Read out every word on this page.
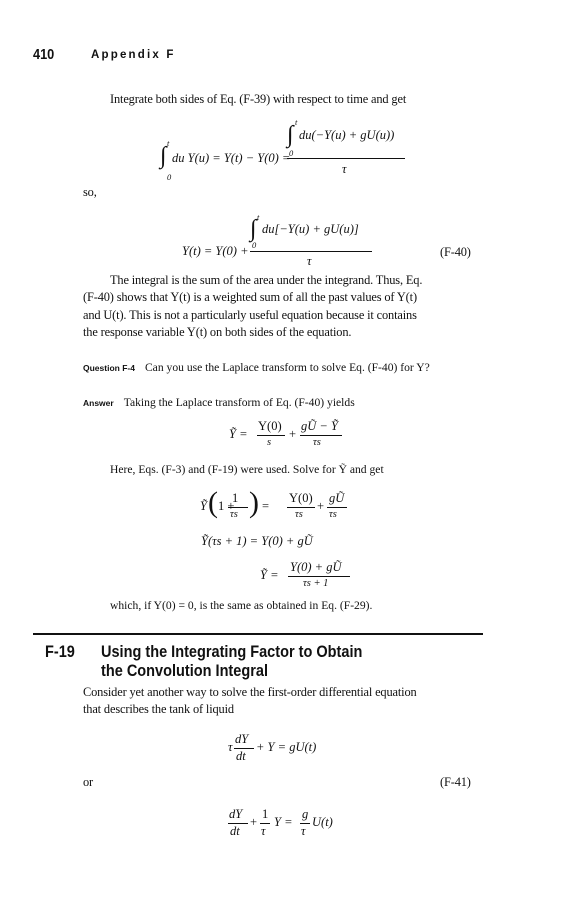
410	Appendix F
Integrate both sides of Eq. (F-39) with respect to time and get
t
∫
0
du Y(u) = Y(t) − Y(0) =
t
∫ du(−Y(u) + gU(u))
0
τ
so,
Y(t) = Y(0) +
t
∫ du[−Y(u) + gU(u)]
0
τ
(F-40)
The integral is the sum of the area under the integrand. Thus, Eq.
(F-40) shows that Y(t) is a weighted sum of all the past values of Y(t)
and U(t). This is not a particularly useful equation because it contains
the response variable Y(t) on both sides of the equation.
Question F-4 Can you use the Laplace transform to solve Eq. (F-40) for Y?
Answer Taking the Laplace transform of Eq. (F-40) yields
Ỹ =
Y(0)
s
+
gŨ − Ỹ
τs
Here, Eqs. (F-3) and (F-19) were used. Solve for Ỹ and get
Ỹ ( 1 +
1
τs ) =
Y(0)
τs
+
gŨ
τs
Ỹ(τs + 1) = Y(0) + gŨ
Ỹ =
Y(0) + gŨ
τs + 1
which, if Y(0) = 0, is the same as obtained in Eq. (F-29).
F-19 Using the Integrating Factor to Obtain
the Convolution Integral
Consider yet another way to solve the first-order differential equation
that describes the tank of liquid
τ
dY
dt
+ Y = gU(t)
or	(F-41)
dY
dt
+
1
τ
Y =
g
τ
U(t)
